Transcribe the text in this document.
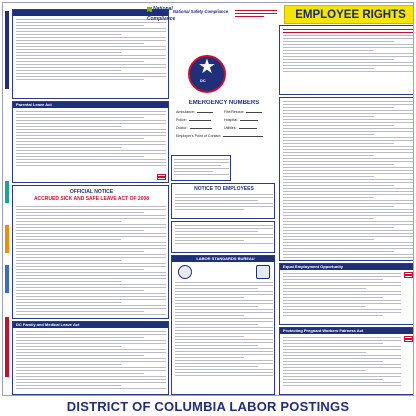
Parental Leave Act
OFFICIAL NOTICE
ACCRUED SICK AND SAFE LEAVE ACT OF 2008
DC Family and Medical Leave Act
National Safety Compliance
National Safety Compliance
★
DC
EMERGENCY NUMBERS
Ambulance:	Fire/Rescue:
Police:	Hospital:
Doctor:	Utilities:
Employer's Point of Contact:
NOTICE TO EMPLOYEES
LABOR STANDARDS BUREAU
EMPLOYEE RIGHTS
Equal Employment Opportunity
Protecting Pregnant Workers Fairness Act
DISTRICT OF COLUMBIA LABOR POSTINGS
